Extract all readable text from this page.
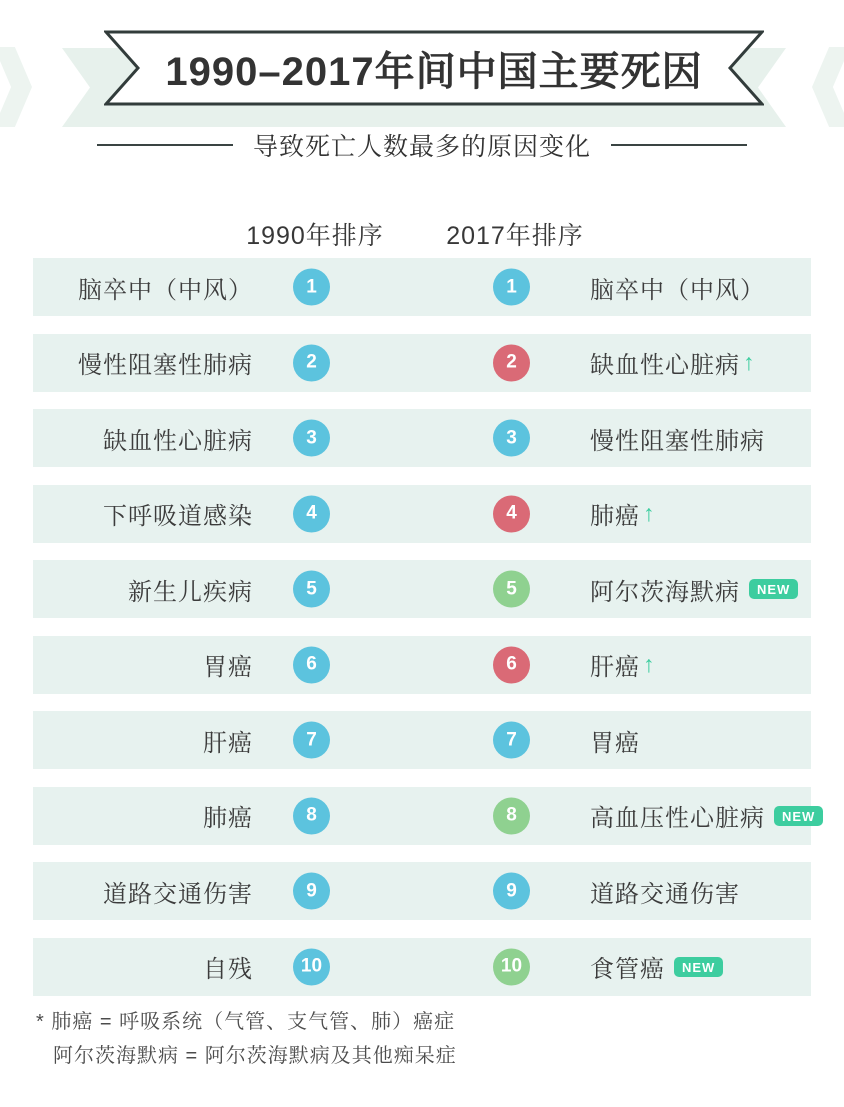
1990–2017年间中国主要死因
导致死亡人数最多的原因变化
1990年排序	2017年排序
脑卒中（中风）	1	1	脑卒中（中风）
慢性阻塞性肺病	2	2	缺血性心脏病 ↑
缺血性心脏病	3	3	慢性阻塞性肺病
下呼吸道感染	4	4	肺癌 ↑
新生儿疾病	5	5	阿尔茨海默病	NEW
胃癌	6	6	肝癌 ↑
肝癌	7	7	胃癌
肺癌	8	8	高血压性心脏病	NEW
道路交通伤害	9	9	道路交通伤害
自残	10	10	食管癌	NEW
* 肺癌 = 呼吸系统（气管、支气管、肺）癌症
阿尔茨海默病 = 阿尔茨海默病及其他痴呆症
